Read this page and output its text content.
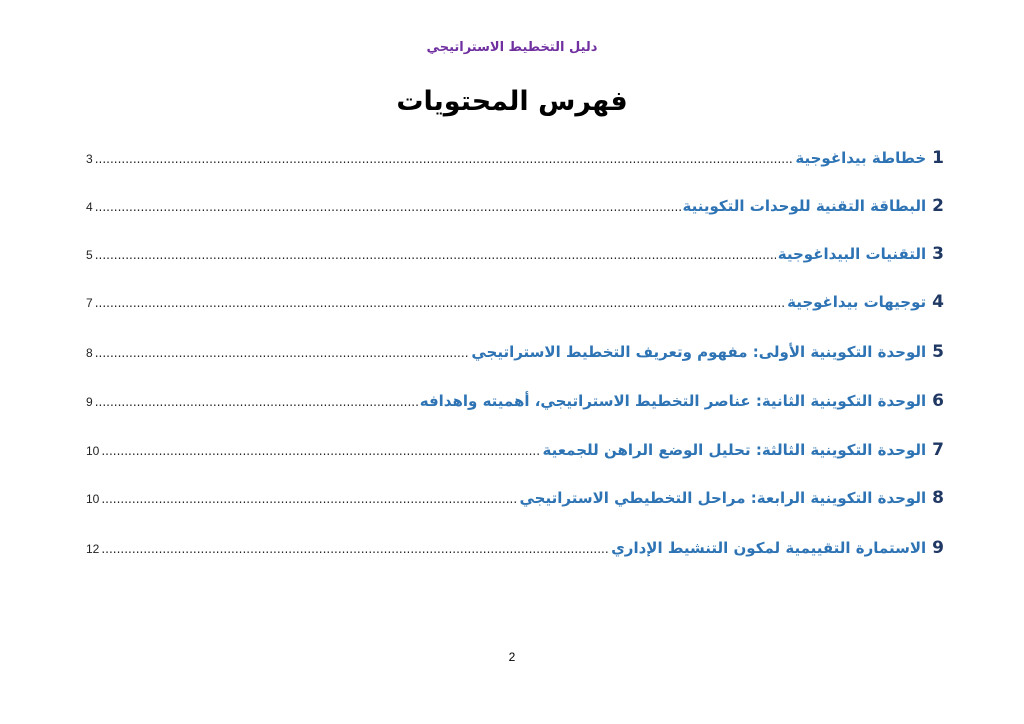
دليل التخطيط الاستراتيجي
فهرس المحتويات
1
خطاطة بيداغوجية
.....
3
2
البطاقة التقنية للوحدات التكوينية
.....
4
3
التقنيات البيداغوجية
.....
5
4
توجيهات بيداغوجية
.....
7
5
الوحدة التكوينية الأولى: مفهوم وتعريف التخطيط الاستراتيجي
.....
8
6
الوحدة التكوينية الثانية: عناصر التخطيط الاستراتيجي، أهميته واهدافه
.....
9
7
الوحدة التكوينية الثالثة: تحليل الوضع الراهن للجمعية
.....
10
8
الوحدة التكوينية الرابعة: مراحل التخطيطي الاستراتيجي
.....
10
9
الاستمارة التقييمية لمكون التنشيط الإداري
.....
12
2
